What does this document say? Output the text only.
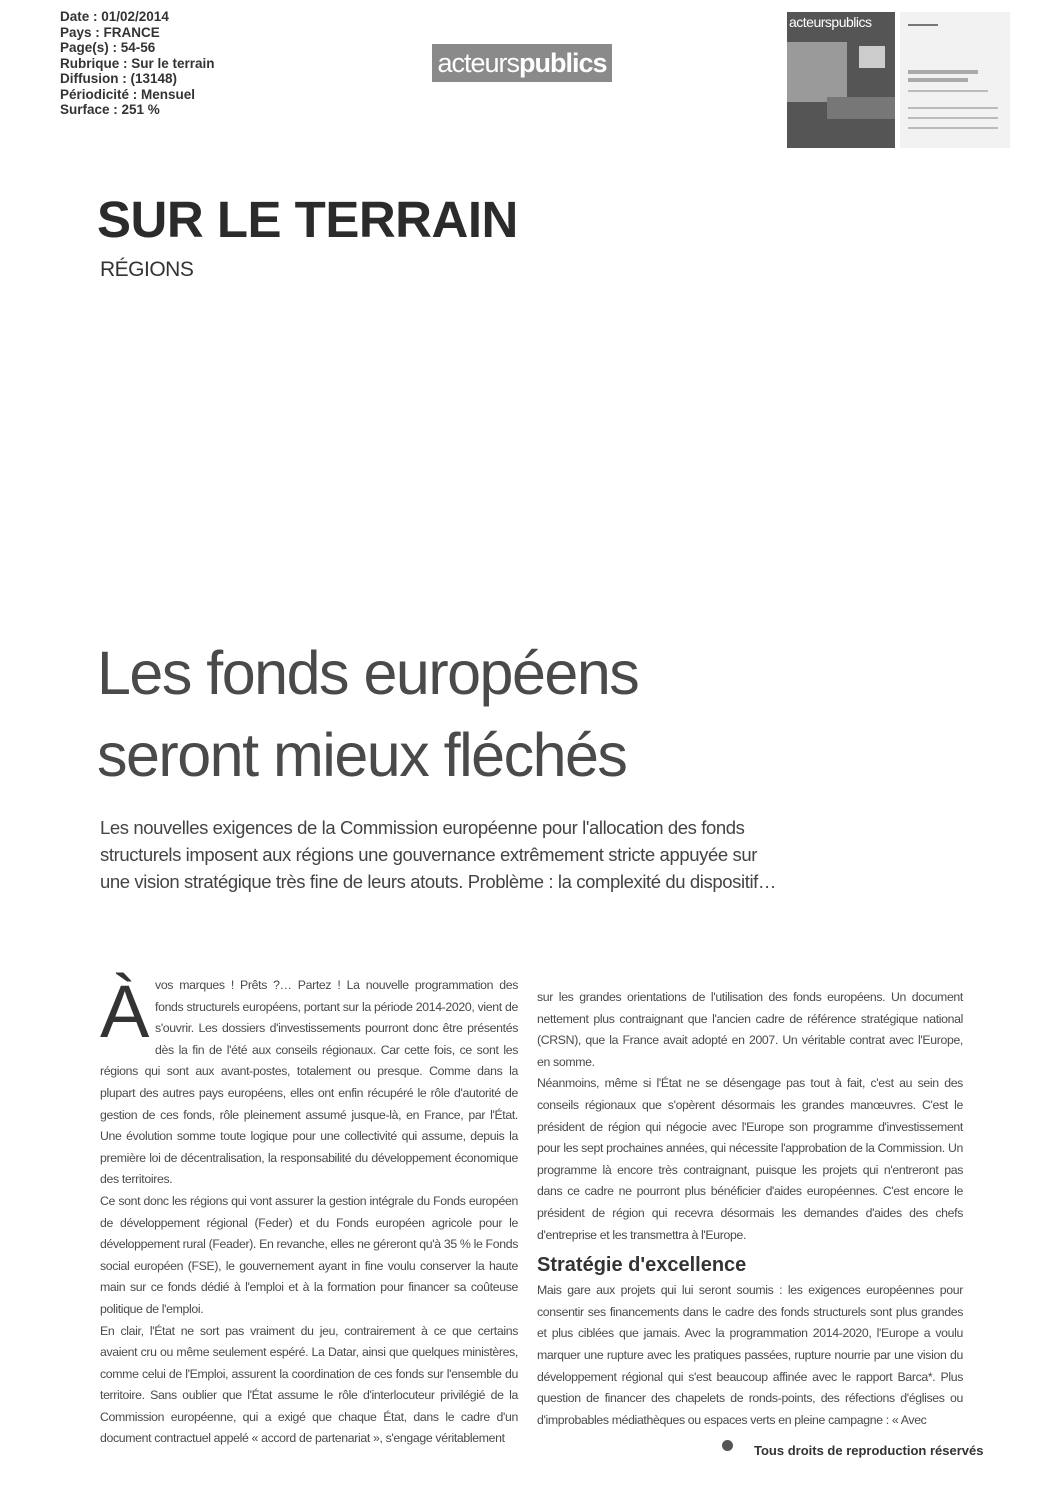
Date : 01/02/2014
Pays : FRANCE
Page(s) : 54-56
Rubrique : Sur le terrain
Diffusion : (13148)
Périodicité : Mensuel
Surface : 251 %
acteurspublics
acteurspublics
SUR LE TERRAIN
RÉGIONS
Les fonds européens
seront mieux fléchés
Les nouvelles exigences de la Commission européenne pour l'allocation des fonds structurels imposent aux régions une gouvernance extrêmement stricte appuyée sur une vision stratégique très fine de leurs atouts. Problème : la complexité du dispositif…

À vos marques ! Prêts ?… Partez ! La nouvelle programmation des fonds structurels européens, portant sur la période 2014-2020, vient de s'ouvrir. Les dossiers d'investissements pourront donc être présentés dès la fin de l'été aux conseils régionaux. Car cette fois, ce sont les régions qui sont aux avant-postes, totalement ou presque. Comme dans la plupart des autres pays européens, elles ont enfin récupéré le rôle d'autorité de gestion de ces fonds, rôle pleinement assumé jusque-là, en France, par l'État. Une évolution somme toute logique pour une collectivité qui assume, depuis la première loi de décentralisation, la responsabilité du développement économique des territoires.

Ce sont donc les régions qui vont assurer la gestion intégrale du Fonds européen de développement régional (Feder) et du Fonds européen agricole pour le développement rural (Feader). En revanche, elles ne géreront qu'à 35 % le Fonds social européen (FSE), le gouvernement ayant in fine voulu conserver la haute main sur ce fonds dédié à l'emploi et à la formation pour financer sa coûteuse politique de l'emploi.

En clair, l'État ne sort pas vraiment du jeu, contrairement à ce que certains avaient cru ou même seulement espéré. La Datar, ainsi que quelques ministères, comme celui de l'Emploi, assurent la coordination de ces fonds sur l'ensemble du territoire. Sans oublier que l'État assume le rôle d'interlocuteur privilégié de la Commission européenne, qui a exigé que chaque État, dans le cadre d'un document contractuel appelé « accord de partenariat », s'engage véritablement

sur les grandes orientations de l'utilisation des fonds européens. Un document nettement plus contraignant que l'ancien cadre de référence stratégique national (CRSN), que la France avait adopté en 2007. Un véritable contrat avec l'Europe, en somme.

Néanmoins, même si l'État ne se désengage pas tout à fait, c'est au sein des conseils régionaux que s'opèrent désormais les grandes manœuvres. C'est le président de région qui négocie avec l'Europe son programme d'investissement pour les sept prochaines années, qui nécessite l'approbation de la Commission. Un programme là encore très contraignant, puisque les projets qui n'entreront pas dans ce cadre ne pourront plus bénéficier d'aides européennes. C'est encore le président de région qui recevra désormais les demandes d'aides des chefs d'entreprise et les transmettra à l'Europe.

Stratégie d'excellence

Mais gare aux projets qui lui seront soumis : les exigences européennes pour consentir ses financements dans le cadre des fonds structurels sont plus grandes et plus ciblées que jamais. Avec la programmation 2014-2020, l'Europe a voulu marquer une rupture avec les pratiques passées, rupture nourrie par une vision du développement régional qui s'est beaucoup affinée avec le rapport Barca*. Plus question de financer des chapelets de ronds-points, des réfections d'églises ou d'improbables médiathèques ou espaces verts en pleine campagne : « Avec

Tous droits de reproduction réservés
